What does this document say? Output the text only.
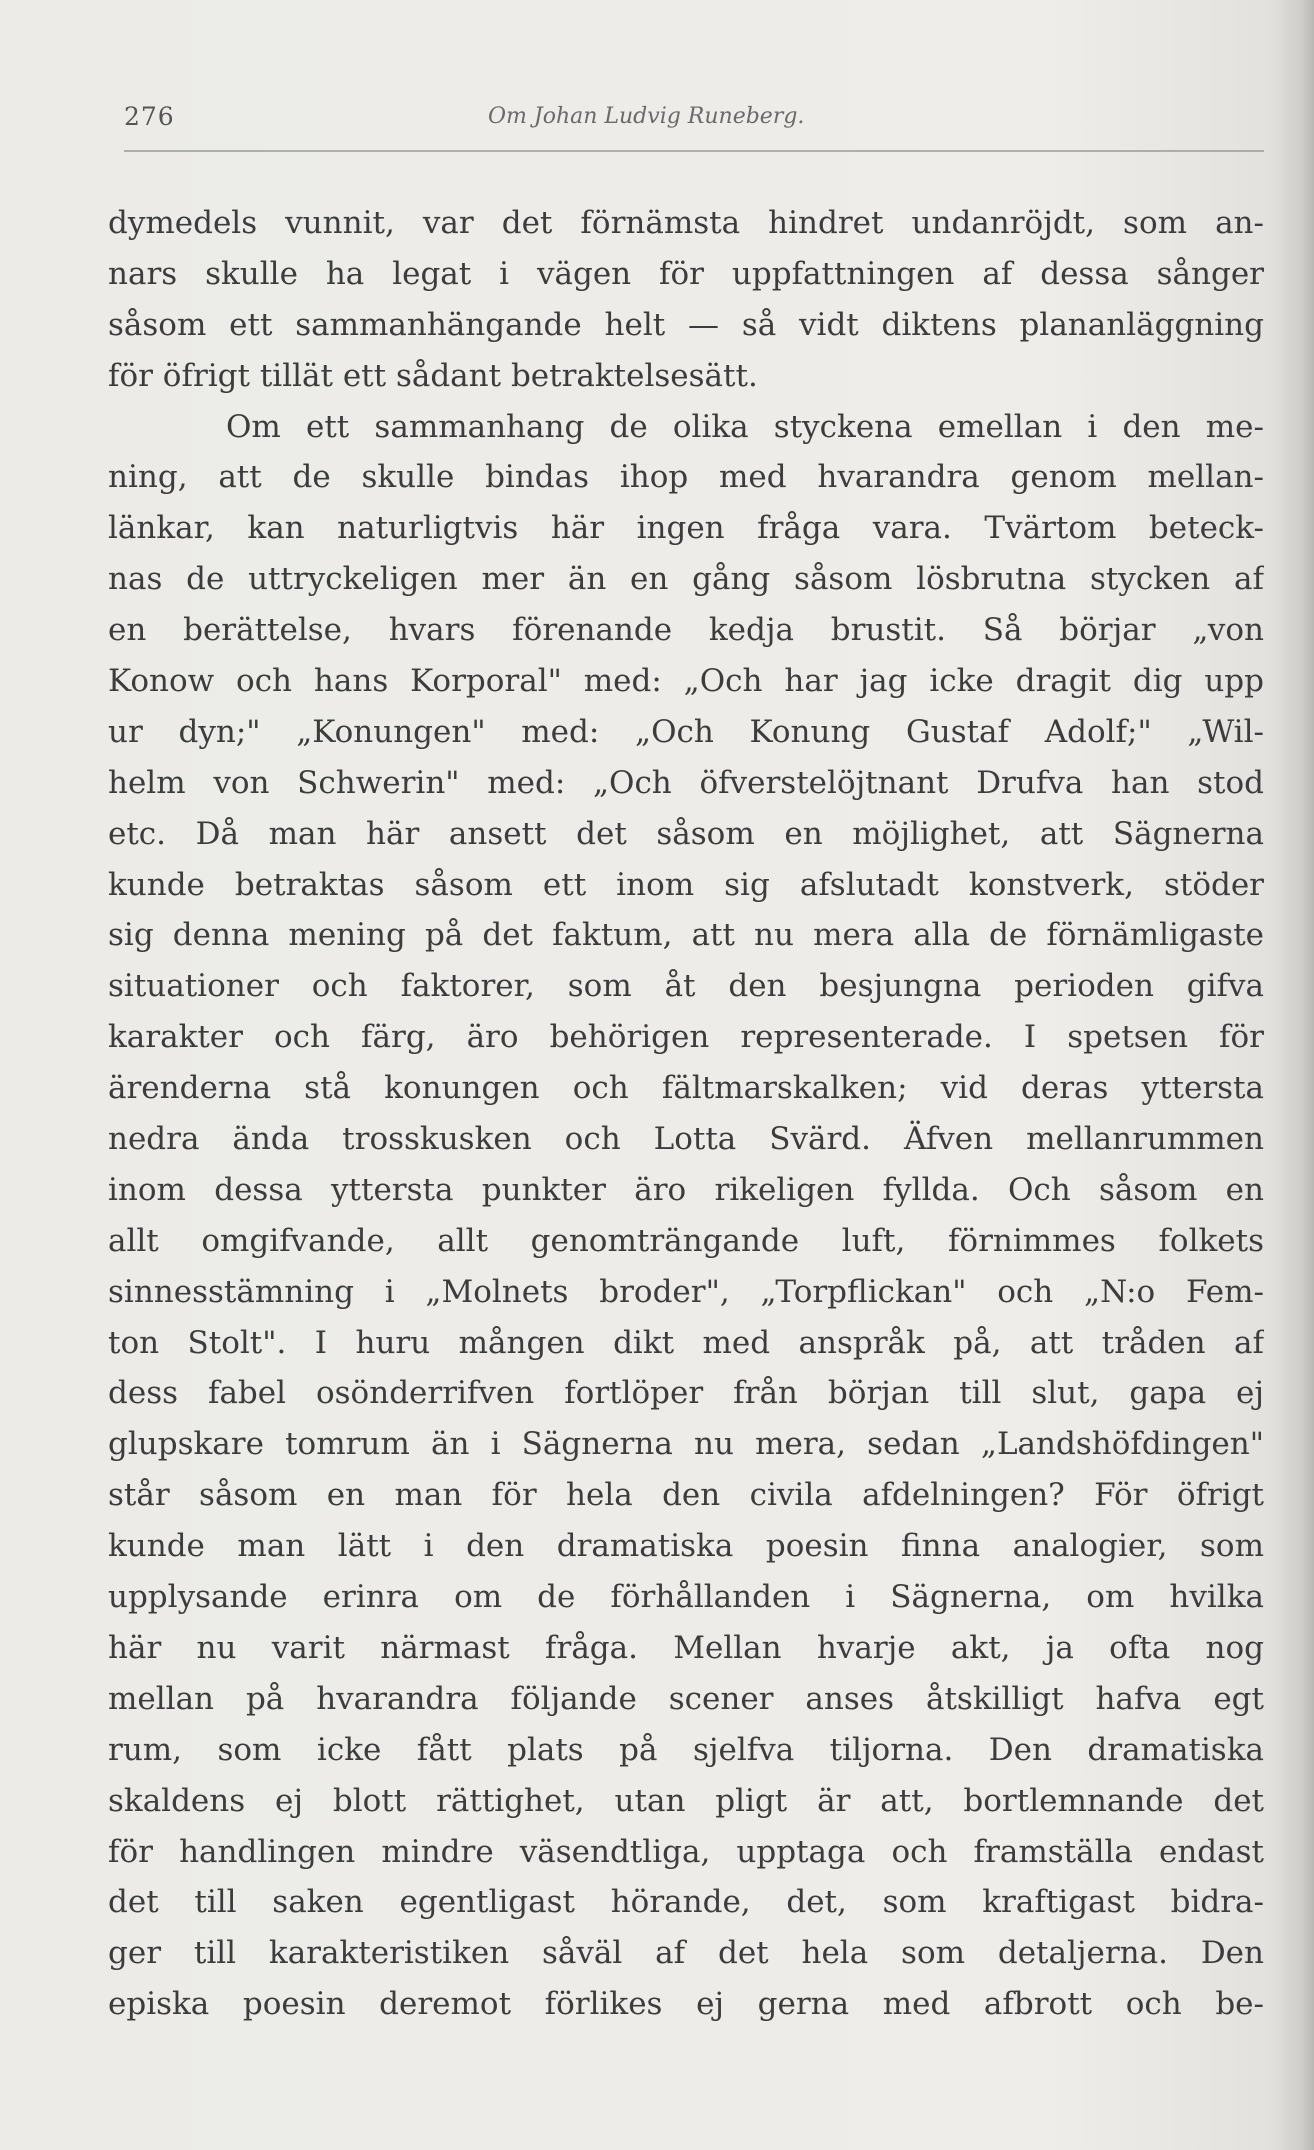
276	Om Johan Ludvig Runeberg.
dymedels vunnit, var det förnämsta hindret undanröjdt, som an-
nars skulle ha legat i vägen för uppfattningen af dessa sånger
såsom ett sammanhängande helt — så vidt diktens plananläggning
för öfrigt tillät ett sådant betraktelsesätt.
Om ett sammanhang de olika styckena emellan i den me-
ning, att de skulle bindas ihop med hvarandra genom mellan-
länkar, kan naturligtvis här ingen fråga vara. Tvärtom beteck-
nas de uttryckeligen mer än en gång såsom lösbrutna stycken af
en berättelse, hvars förenande kedja brustit. Så börjar „von
Konow och hans Korporal" med: „Och har jag icke dragit dig upp
ur dyn;" „Konungen" med: „Och Konung Gustaf Adolf;" „Wil-
helm von Schwerin" med: „Och öfverstelöjtnant Drufva han stod
etc. Då man här ansett det såsom en möjlighet, att Sägnerna
kunde betraktas såsom ett inom sig afslutadt konstverk, stöder
sig denna mening på det faktum, att nu mera alla de förnämligaste
situationer och faktorer, som åt den besjungna perioden gifva
karakter och färg, äro behörigen representerade. I spetsen för
ärenderna stå konungen och fältmarskalken; vid deras yttersta
nedra ända trosskusken och Lotta Svärd. Äfven mellanrummen
inom dessa yttersta punkter äro rikeligen fyllda. Och såsom en
allt omgifvande, allt genomträngande luft, förnimmes folkets
sinnesstämning i „Molnets broder", „Torpflickan" och „N:o Fem-
ton Stolt". I huru mången dikt med anspråk på, att tråden af
dess fabel osönderrifven fortlöper från början till slut, gapa ej
glupskare tomrum än i Sägnerna nu mera, sedan „Landshöfdingen"
står såsom en man för hela den civila afdelningen? För öfrigt
kunde man lätt i den dramatiska poesin finna analogier, som
upplysande erinra om de förhållanden i Sägnerna, om hvilka
här nu varit närmast fråga. Mellan hvarje akt, ja ofta nog
mellan på hvarandra följande scener anses åtskilligt hafva egt
rum, som icke fått plats på sjelfva tiljorna. Den dramatiska
skaldens ej blott rättighet, utan pligt är att, bortlemnande det
för handlingen mindre väsendtliga, upptaga och framställa endast
det till saken egentligast hörande, det, som kraftigast bidra-
ger till karakteristiken såväl af det hela som detaljerna. Den
episka poesin deremot förlikes ej gerna med afbrott och be-
